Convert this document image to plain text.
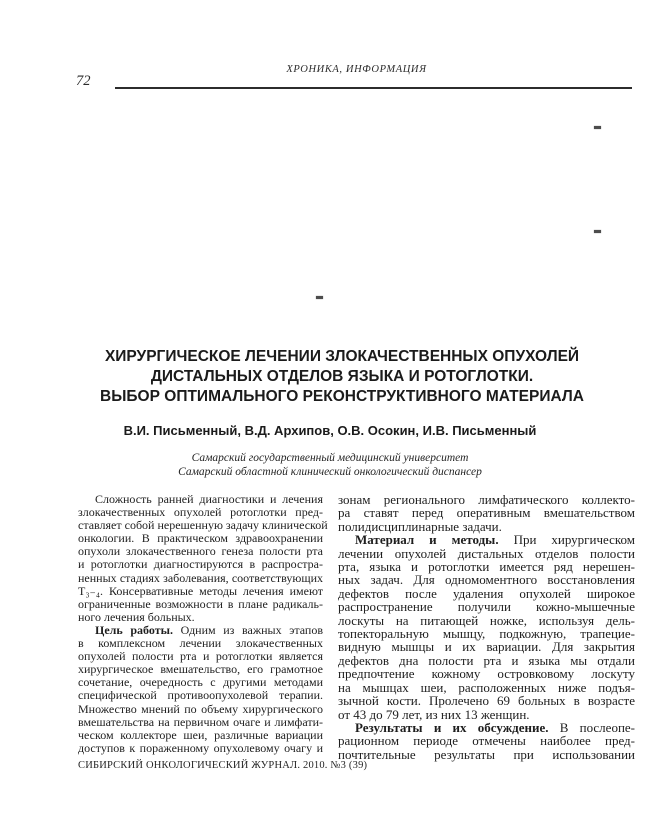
ХРОНИКА, ИНФОРМАЦИЯ
72
ХИРУРГИЧЕСКОЕ ЛЕЧЕНИИ ЗЛОКАЧЕСТВЕННЫХ ОПУХОЛЕЙ
ДИСТАЛЬНЫХ ОТДЕЛОВ ЯЗЫКА И РОТОГЛОТКИ.
ВЫБОР ОПТИМАЛЬНОГО РЕКОНСТРУКТИВНОГО МАТЕРИАЛА
В.И. Письменный, В.Д. Архипов, О.В. Осокин, И.В. Письменный
Самарский государственный медицинский университет
Самарский областной клинический онкологический диспансер
Сложность ранней диагностики и лечения
злокачественных опухолей ротоглотки пред-
ставляет собой нерешенную задачу клинической
онкологии. В практическом здравоохранении
опухоли злокачественного генеза полости рта
и ротоглотки диагностируются в распростра-
ненных стадиях заболевания, соответствующих
Т₃₋₄. Консервативные методы лечения имеют
ограниченные возможности в плане радикаль-
ного лечения больных.
Цель работы. Одним из важных этапов
в комплексном лечении злокачественных
опухолей полости рта и ротоглотки является
хирургическое вмешательство, его грамотное
сочетание, очередность с другими методами
специфической противоопухолевой терапии.
Множество мнений по объему хирургического
вмешательства на первичном очаге и лимфати-
ческом коллекторе шеи, различные вариации
доступов к пораженному опухолевому очагу и
зонам регионального лимфатического коллекто-
ра ставят перед оперативным вмешательством
полидисциплинарные задачи.
Материал и методы. При хирургическом
лечении опухолей дистальных отделов полости
рта, языка и ротоглотки имеется ряд нерешен-
ных задач. Для одномоментного восстановления
дефектов после удаления опухолей широкое
распространение получили кожно-мышечные
лоскуты на питающей ножке, используя дель-
топекторальную мышцу, подкожную, трапецие-
видную мышцы и их вариации. Для закрытия
дефектов дна полости рта и языка мы отдали
предпочтение кожному островковому лоскуту
на мышцах шеи, расположенных ниже подъя-
зычной кости. Пролечено 69 больных в возрасте
от 43 до 79 лет, из них 13 женщин.
Результаты и их обсуждение. В послеопе-
рационном периоде отмечены наиболее пред-
почтительные результаты при использовании
СИБИРСКИЙ ОНКОЛОГИЧЕСКИЙ ЖУРНАЛ. 2010. №3 (39)
